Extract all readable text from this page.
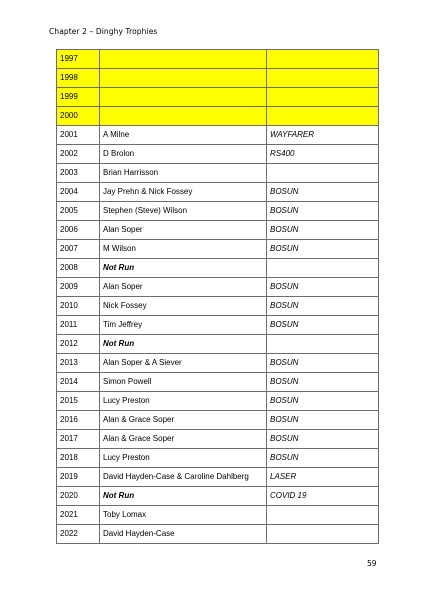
Chapter 2 – Dinghy Trophies
1997		
1998		
1999		
2000		
2001	A Milne	WAYFARER
2002	D Brolon	RS400
2003	Brian Harrisson	
2004	Jay Prehn & Nick Fossey	BOSUN
2005	Stephen (Steve) Wilson	BOSUN
2006	Alan Soper	BOSUN
2007	M Wilson	BOSUN
2008	Not Run	
2009	Alan Soper	BOSUN
2010	Nick Fossey	BOSUN
2011	Tim Jeffrey	BOSUN
2012	Not Run	
2013	Alan Soper & A Siever	BOSUN
2014	Simon Powell	BOSUN
2015	Lucy Preston	BOSUN
2016	Alan & Grace Soper	BOSUN
2017	Alan & Grace Soper	BOSUN
2018	Lucy Preston	BOSUN
2019	David Hayden-Case & Caroline Dahlberg	LASER
2020	Not Run	COVID 19
2021	Toby Lomax	
2022	David Hayden-Case	
59
